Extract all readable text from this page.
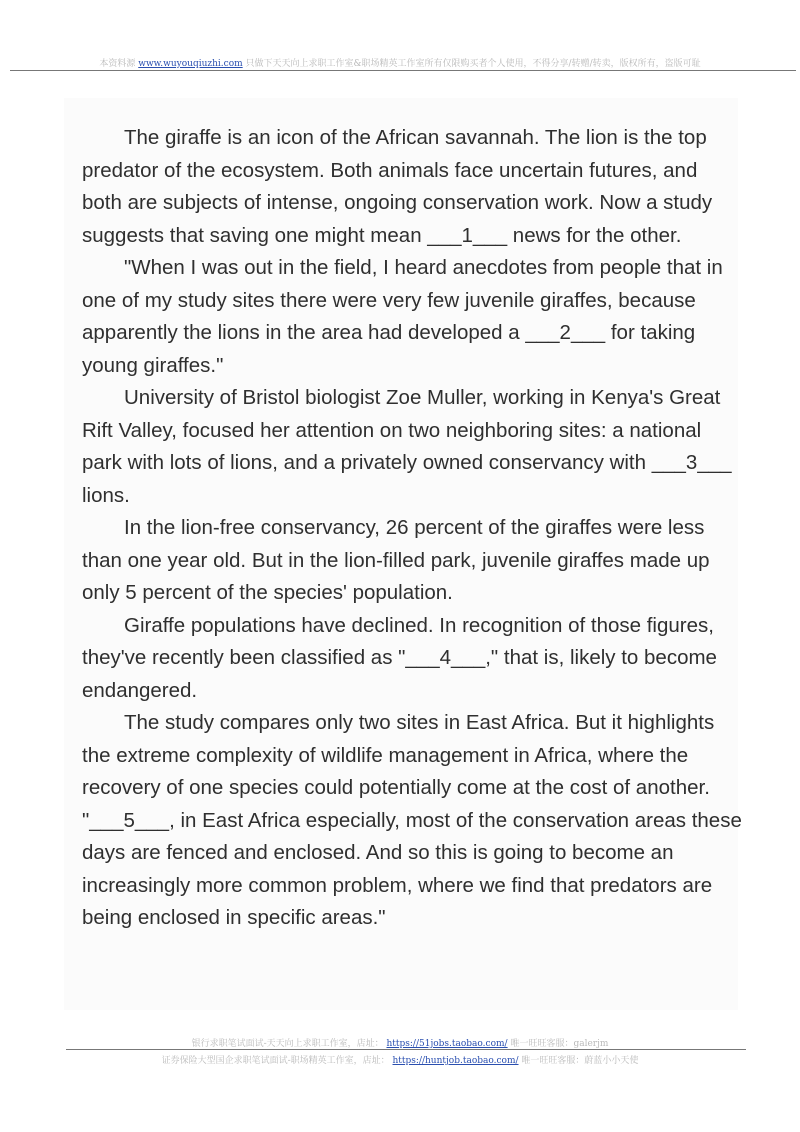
本资料源 www.wuyouqiuzhi.com 只做下天天向上求职工作室&职场精英工作室所有仅限购买者个人使用，不得分享/转赠/转卖，版权所有，盗版可耻

The giraffe is an icon of the African savannah. The lion is the top predator of the ecosystem. Both animals face uncertain futures, and both are subjects of intense, ongoing conservation work. Now a study suggests that saving one might mean ___1___ news for the other.

"When I was out in the field, I heard anecdotes from people that in one of my study sites there were very few juvenile giraffes, because apparently the lions in the area had developed a ___2___ for taking young giraffes."

University of Bristol biologist Zoe Muller, working in Kenya's Great Rift Valley, focused her attention on two neighboring sites: a national park with lots of lions, and a privately owned conservancy with ___3___ lions.

In the lion-free conservancy, 26 percent of the giraffes were less than one year old. But in the lion-filled park, juvenile giraffes made up only 5 percent of the species' population.

Giraffe populations have declined. In recognition of those figures, they've recently been classified as "___4___," that is, likely to become endangered.

The study compares only two sites in East Africa. But it highlights the extreme complexity of wildlife management in Africa, where the recovery of one species could potentially come at the cost of another. "___5___, in East Africa especially, most of the conservation areas these days are fenced and enclosed. And so this is going to become an increasingly more common problem, where we find that predators are being enclosed in specific areas."

银行求职笔试面试-天天向上求职工作室，店址： https://51jobs.taobao.com/ 唯一旺旺客服：galerjm
证券保险大型国企求职笔试面试-职场精英工作室，店址： https://huntjob.taobao.com/ 唯一旺旺客服：蔚蓝小小天使
